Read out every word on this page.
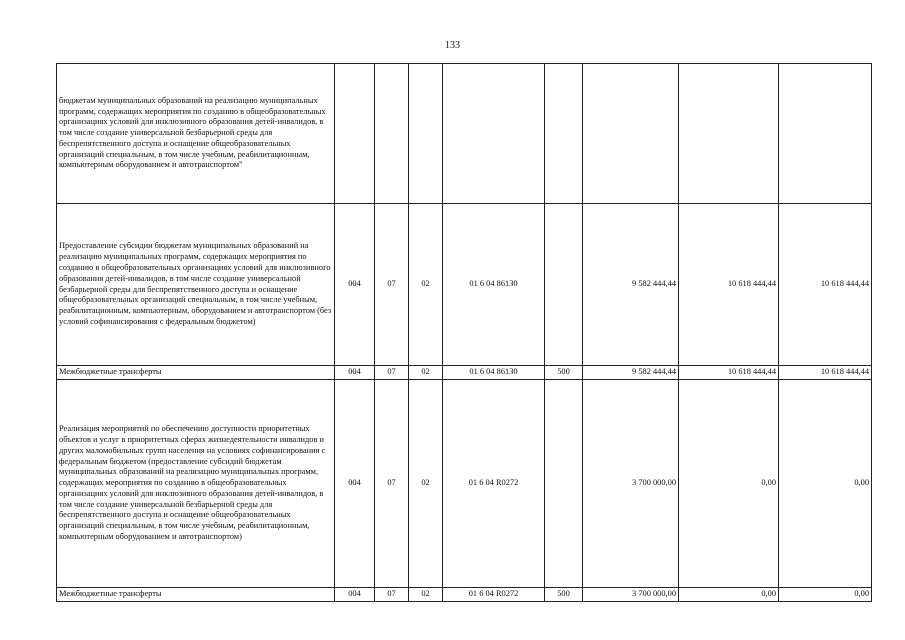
133
бюджетам муниципальных образований на реализацию муниципальных программ, содержащих мероприятия по созданию в общеобразовательных организациях условий для инклюзивного образования детей-инвалидов, в том числе создание универсальной безбарьерной среды для беспрепятственного доступа и оснащение общеобразовательных организаций специальным, в том числе учебным, реабилитационным, компьютерным оборудованием и автотранспортом"								
Предоставление субсидии бюджетам муниципальных образований на реализацию муниципальных программ, содержащих мероприятия по созданию в общеобразовательных организациях условий для инклюзивного образования детей-инвалидов, в том числе создание универсальной безбарьерной среды для беспрепятственного доступа и оснащение общеобразовательных организаций специальным, в том числе учебным, реабилитационным, компьютерным, оборудованием и автотранспортом (без условий софинансирования с федеральным бюджетом)	004	07	02	01 6 04 86130		9 582 444,44	10 618 444,44	10 618 444,44
Межбюджетные трансферты	004	07	02	01 6 04 86130	500	9 582 444,44	10 618 444,44	10 618 444,44
Реализация мероприятий по обеспечению доступности приоритетных объектов и услуг в приоритетных сферах жизнедеятельности инвалидов и других маломобильных групп населения на условиях софинансирования с федеральным бюджетом (предоставление субсидий бюджетам муниципальных образований на реализацию муниципальных программ, содержащих мероприятия по созданию в общеобразовательных организациях условий для инклюзивного образования детей-инвалидов, в том числе создание универсальной безбарьерной среды для беспрепятственного доступа и оснащение общеобразовательных организаций специальным, в том числе учебным, реабилитационным, компьютерным оборудованием и автотранспортом)	004	07	02	01 6 04 R0272		3 700 000,00	0,00	0,00
Межбюджетные трансферты	004	07	02	01 6 04 R0272	500	3 700 000,00	0,00	0,00
